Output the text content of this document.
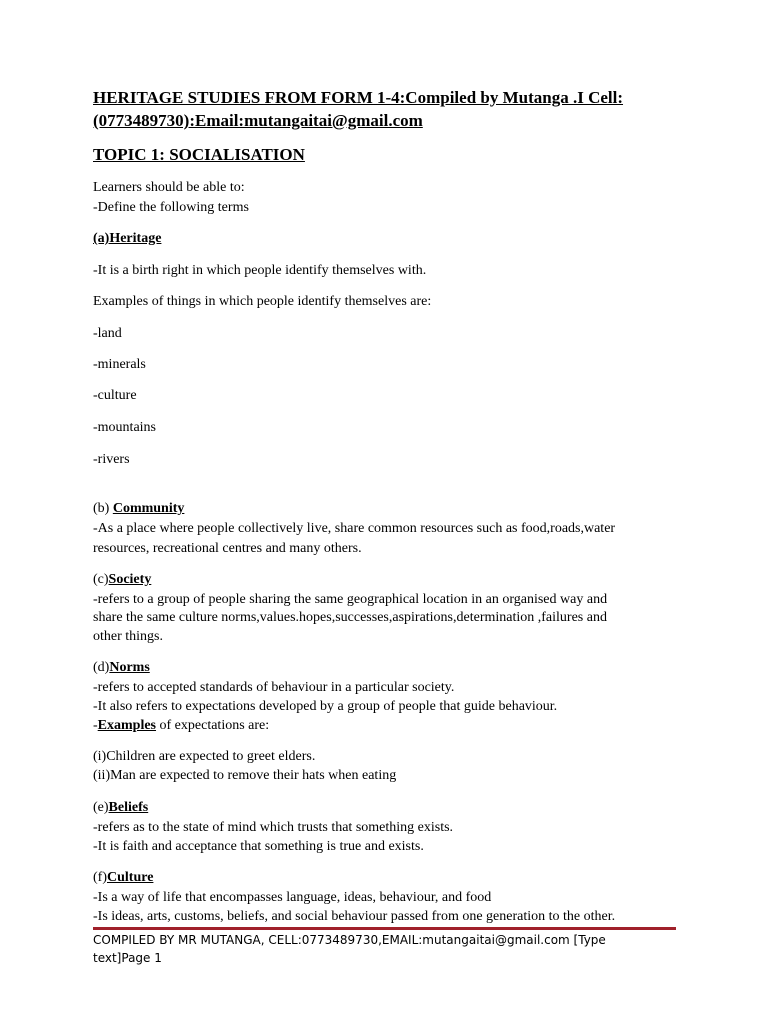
HERITAGE STUDIES FROM FORM 1-4:Compiled by Mutanga .I Cell: (0773489730):Email:mutangaitai@gmail.com
TOPIC 1: SOCIALISATION
Learners should be able to:
-Define the following terms
(a)Heritage
-It is a birth right in which people identify themselves with.
Examples of things in which people identify themselves are:
-land
-minerals
-culture
-mountains
-rivers
(b) Community
-As a place where people collectively live, share common resources such as food,roads,water
resources, recreational centres and many others.
(c)Society
-refers to a group of people sharing the same geographical location in an organised way and
share the same culture norms,values.hopes,successes,aspirations,determination ,failures and
other things.
(d)Norms
-refers to accepted standards of behaviour in a particular society.
-It also refers to expectations developed by a group of people that guide behaviour.
-Examples of expectations are:
(i)Children are expected to greet elders.
(ii)Man are expected to remove their hats when eating
(e)Beliefs
-refers as to the state of mind which trusts that something exists.
-It is faith and acceptance that something is true and exists.
(f)Culture
-Is a way of life that encompasses language, ideas, behaviour, and food
-Is ideas, arts, customs, beliefs, and social behaviour passed from one generation to the other.
COMPILED BY MR MUTANGA, CELL:0773489730,EMAIL:mutangaitai@gmail.com [Type text]Page 1
